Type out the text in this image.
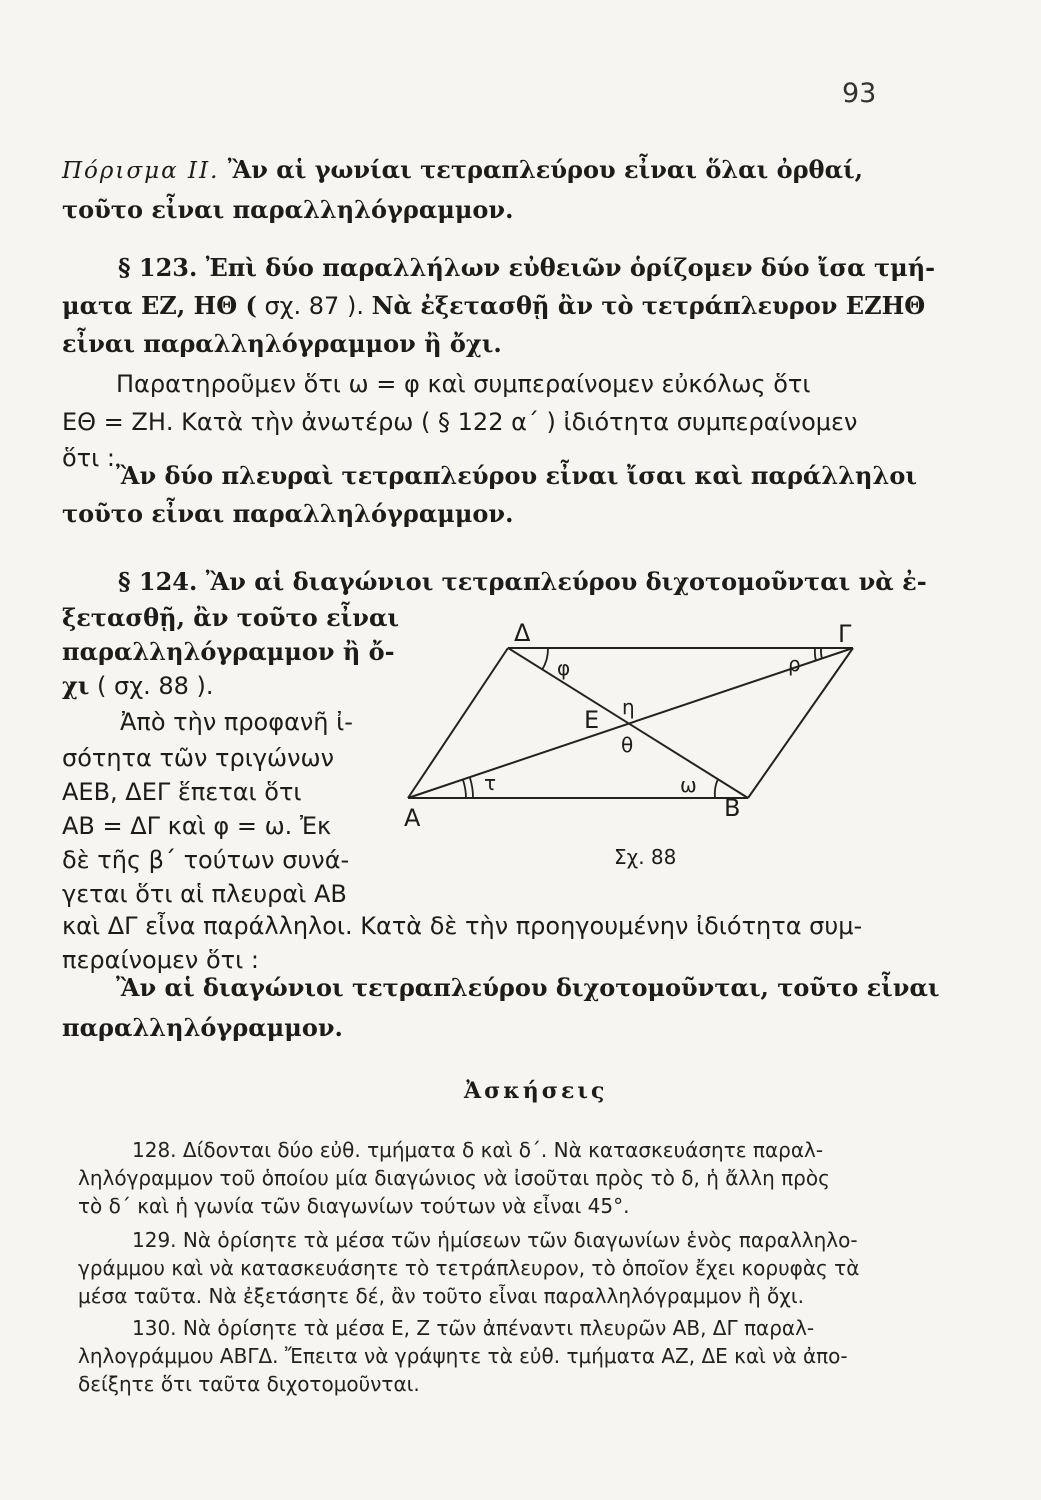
93
Πόρισμα ΙΙ. Ἂν αἱ γωνίαι τετραπλεύρου εἶναι ὅλαι ὀρθαί,
τοῦτο εἶναι παραλληλόγραμμον.
§ 123. Ἐπὶ δύο παραλλήλων εὐθειῶν ὁρίζομεν δύο ἴσα τμή-
ματα ΕΖ, ΗΘ ( σχ. 87 ). Νὰ ἐξετασθῇ ἂν τὸ τετράπλευρον ΕΖΗΘ
εἶναι παραλληλόγραμμον ἢ ὄχι.
Παρατηροῦμεν ὅτι ω = φ καὶ συμπεραίνομεν εὐκόλως ὅτι
ΕΘ = ΖΗ. Κατὰ τὴν ἀνωτέρω ( § 122 α΄ ) ἰδιότητα συμπεραίνομεν
ὅτι :
Ἂν δύο πλευραὶ τετραπλεύρου εἶναι ἴσαι καὶ παράλληλοι
τοῦτο εἶναι παραλληλόγραμμον.
§ 124. Ἂν αἱ διαγώνιοι τετραπλεύρου διχοτομοῦνται νὰ ἐ-
ξετασθῇ, ἂν τοῦτο εἶναι
παραλληλόγραμμον ἢ ὄ-
χι ( σχ. 88 ).
Ἀπὸ τὴν προφανῆ ἰ-
σότητα τῶν τριγώνων
ΑΕΒ, ΔΕΓ ἕπεται ὅτι
ΑΒ = ΔΓ καὶ φ = ω. Ἐκ
δὲ τῆς β΄ τούτων συνά-
γεται ὅτι αἱ πλευραὶ ΑΒ
καὶ ΔΓ εἶνα παράλληλοι. Κατὰ δὲ τὴν προηγουμένην ἰδιότητα συμ-
περαίνομεν ὅτι :
Ἂν αἱ διαγώνιοι τετραπλεύρου διχοτομοῦνται, τοῦτο εἶναι
παραλληλόγραμμον.
Α	Β
Γ
Δ
Ε
φ	ρ
η
θ
τ	ω
Σχ. 88
Ἀσκήσεις
128. Δίδονται δύο εὐθ. τμήματα δ καὶ δ΄. Νὰ κατασκευάσητε παραλ-
ληλόγραμμον τοῦ ὁποίου μία διαγώνιος νὰ ἰσοῦται πρὸς τὸ δ, ἡ ἄλλη πρὸς
τὸ δ΄ καὶ ἡ γωνία τῶν διαγωνίων τούτων νὰ εἶναι 45°.
129. Νὰ ὁρίσητε τὰ μέσα τῶν ἡμίσεων τῶν διαγωνίων ἑνὸς παραλληλο-
γράμμου καὶ νὰ κατασκευάσητε τὸ τετράπλευρον, τὸ ὁποῖον ἔχει κορυφὰς τὰ
μέσα ταῦτα. Νὰ ἐξετάσητε δέ, ἂν τοῦτο εἶναι παραλληλόγραμμον ἢ ὄχι.
130. Νὰ ὁρίσητε τὰ μέσα Ε, Ζ τῶν ἀπέναντι πλευρῶν ΑΒ, ΔΓ παραλ-
ληλογράμμου ΑΒΓΔ. Ἔπειτα νὰ γράψητε τὰ εὐθ. τμήματα ΑΖ, ΔΕ καὶ νὰ ἀπο-
δείξητε ὅτι ταῦτα διχοτομοῦνται.
